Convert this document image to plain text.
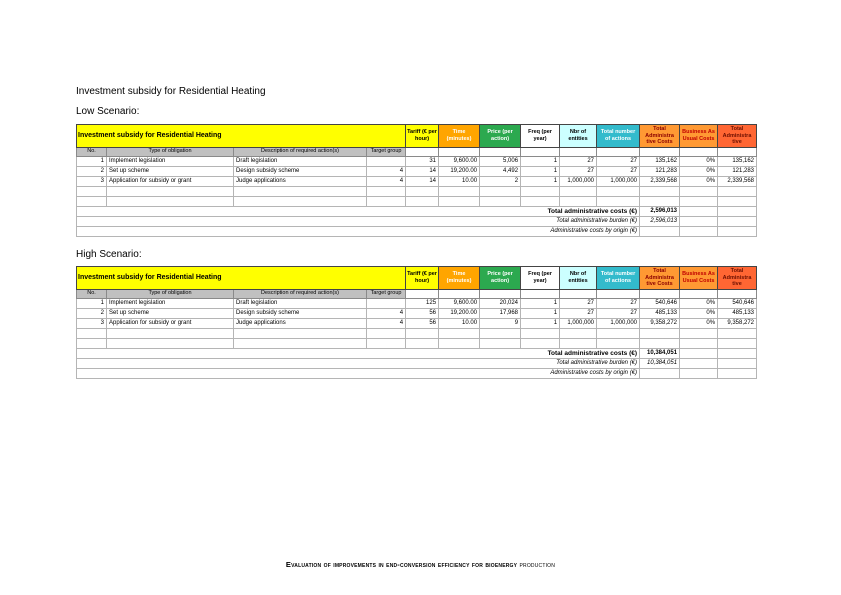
Investment subsidy for Residential Heating
Low Scenario:
Investment subsidy for Residential Heating				Tariff (€ per hour)	Time (minutes)	Price (per action)	Freq (per year)	Nbr of entities	Total number of actions	Total Administra tive Costs	Business As Usual Costs	Total Administra tive
No.	Type of obligation	Description of required action(s)	Target group									
1	Implement legislation	Draft legislation		31	9,600.00	5,006	1	27	27	135,162	0%	135,162
2	Set up scheme	Design subsidy scheme	4	14	19,200.00	4,492	1	27	27	121,283	0%	121,283
3	Application for subsidy or grant	Judge applications	4	14	10.00	2	1	1,000,000	1,000,000	2,339,568	0%	2,339,568

Total administrative costs (€)										2,596,013		
Total administrative burden (€)										2,596,013		
Administrative costs by origin (€)												
High Scenario:
Investment subsidy for Residential Heating				Tariff (€ per hour)	Time (minutes)	Price (per action)	Freq (per year)	Nbr of entities	Total number of actions	Total Administra tive Costs	Business As Usual Costs	Total Administra tive
No.	Type of obligation	Description of required action(s)	Target group									
1	Implement legislation	Draft legislation		125	9,600.00	20,024	1	27	27	540,646	0%	540,646
2	Set up scheme	Design subsidy scheme	4	56	19,200.00	17,968	1	27	27	485,133	0%	485,133
3	Application for subsidy or grant	Judge applications	4	56	10.00	9	1	1,000,000	1,000,000	9,358,272	0%	9,358,272

Total administrative costs (€)										10,384,051		
Total administrative burden (€)										10,384,051		
Administrative costs by origin (€)												
Evaluation of improvements in end-conversion efficiency for bioenergy production
